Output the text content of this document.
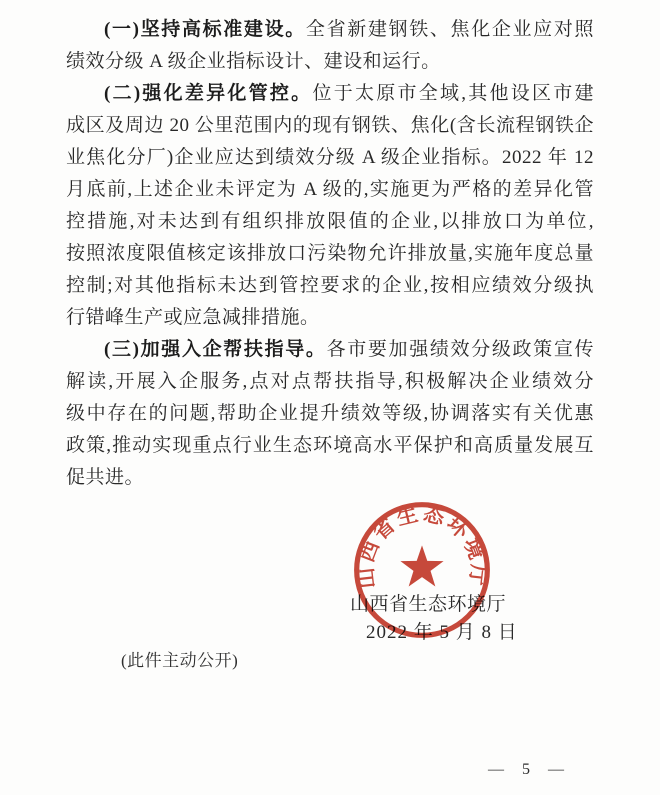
(一)坚持高标准建设。全省新建钢铁、焦化企业应对照
绩效分级 A 级企业指标设计、建设和运行。
(二)强化差异化管控。位于太原市全域,其他设区市建
成区及周边 20 公里范围内的现有钢铁、焦化(含长流程钢铁企
业焦化分厂)企业应达到绩效分级 A 级企业指标。2022 年 12
月底前,上述企业未评定为 A 级的,实施更为严格的差异化管
控措施,对未达到有组织排放限值的企业,以排放口为单位,
按照浓度限值核定该排放口污染物允许排放量,实施年度总量
控制;对其他指标未达到管控要求的企业,按相应绩效分级执
行错峰生产或应急减排措施。
(三)加强入企帮扶指导。各市要加强绩效分级政策宣传
解读,开展入企服务,点对点帮扶指导,积极解决企业绩效分
级中存在的问题,帮助企业提升绩效等级,协调落实有关优惠
政策,推动实现重点行业生态环境高水平保护和高质量发展互
促共进。
山西省生态环境厅
2022 年 5 月 8 日
山西省生态环境厅
(此件主动公开)
— 5 —
